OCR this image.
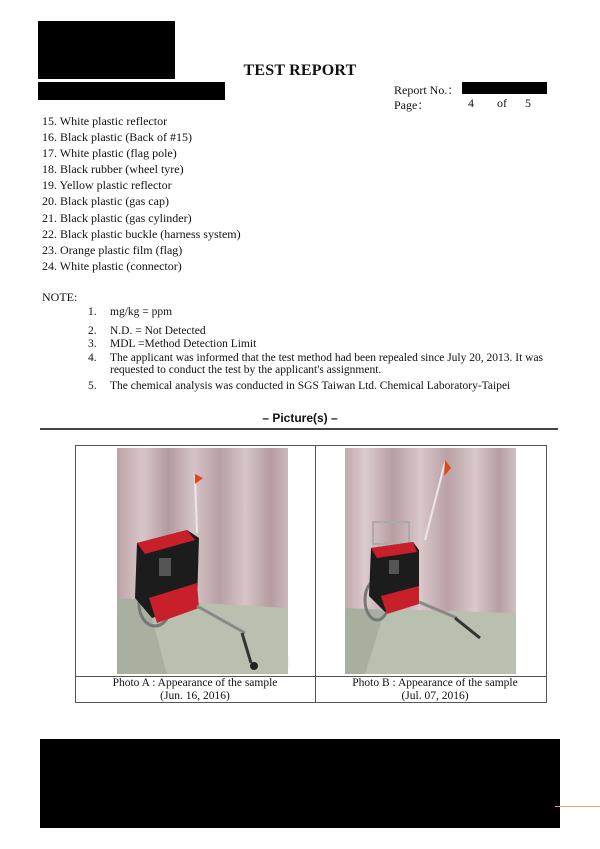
TEST REPORT
Report No.：
Page：	4 of 5
15. White plastic reflector
16. Black plastic (Back of #15)
17. White plastic (flag pole)
18. Black rubber (wheel tyre)
19. Yellow plastic reflector
20. Black plastic (gas cap)
21. Black plastic (gas cylinder)
22. Black plastic buckle (harness system)
23. Orange plastic film (flag)
24. White plastic (connector)
NOTE:
1. mg/kg = ppm
2. N.D. = Not Detected
3. MDL =Method Detection Limit
4. The applicant was informed that the test method had been repealed since July 20, 2013. It was requested to conduct the test by the applicant's assignment.
5. The chemical analysis was conducted in SGS Taiwan Ltd. Chemical Laboratory-Taipei
– Picture(s) –
Photo A : Appearance of the sample
(Jun. 16, 2016)
Photo B : Appearance of the sample
(Jul. 07, 2016)
